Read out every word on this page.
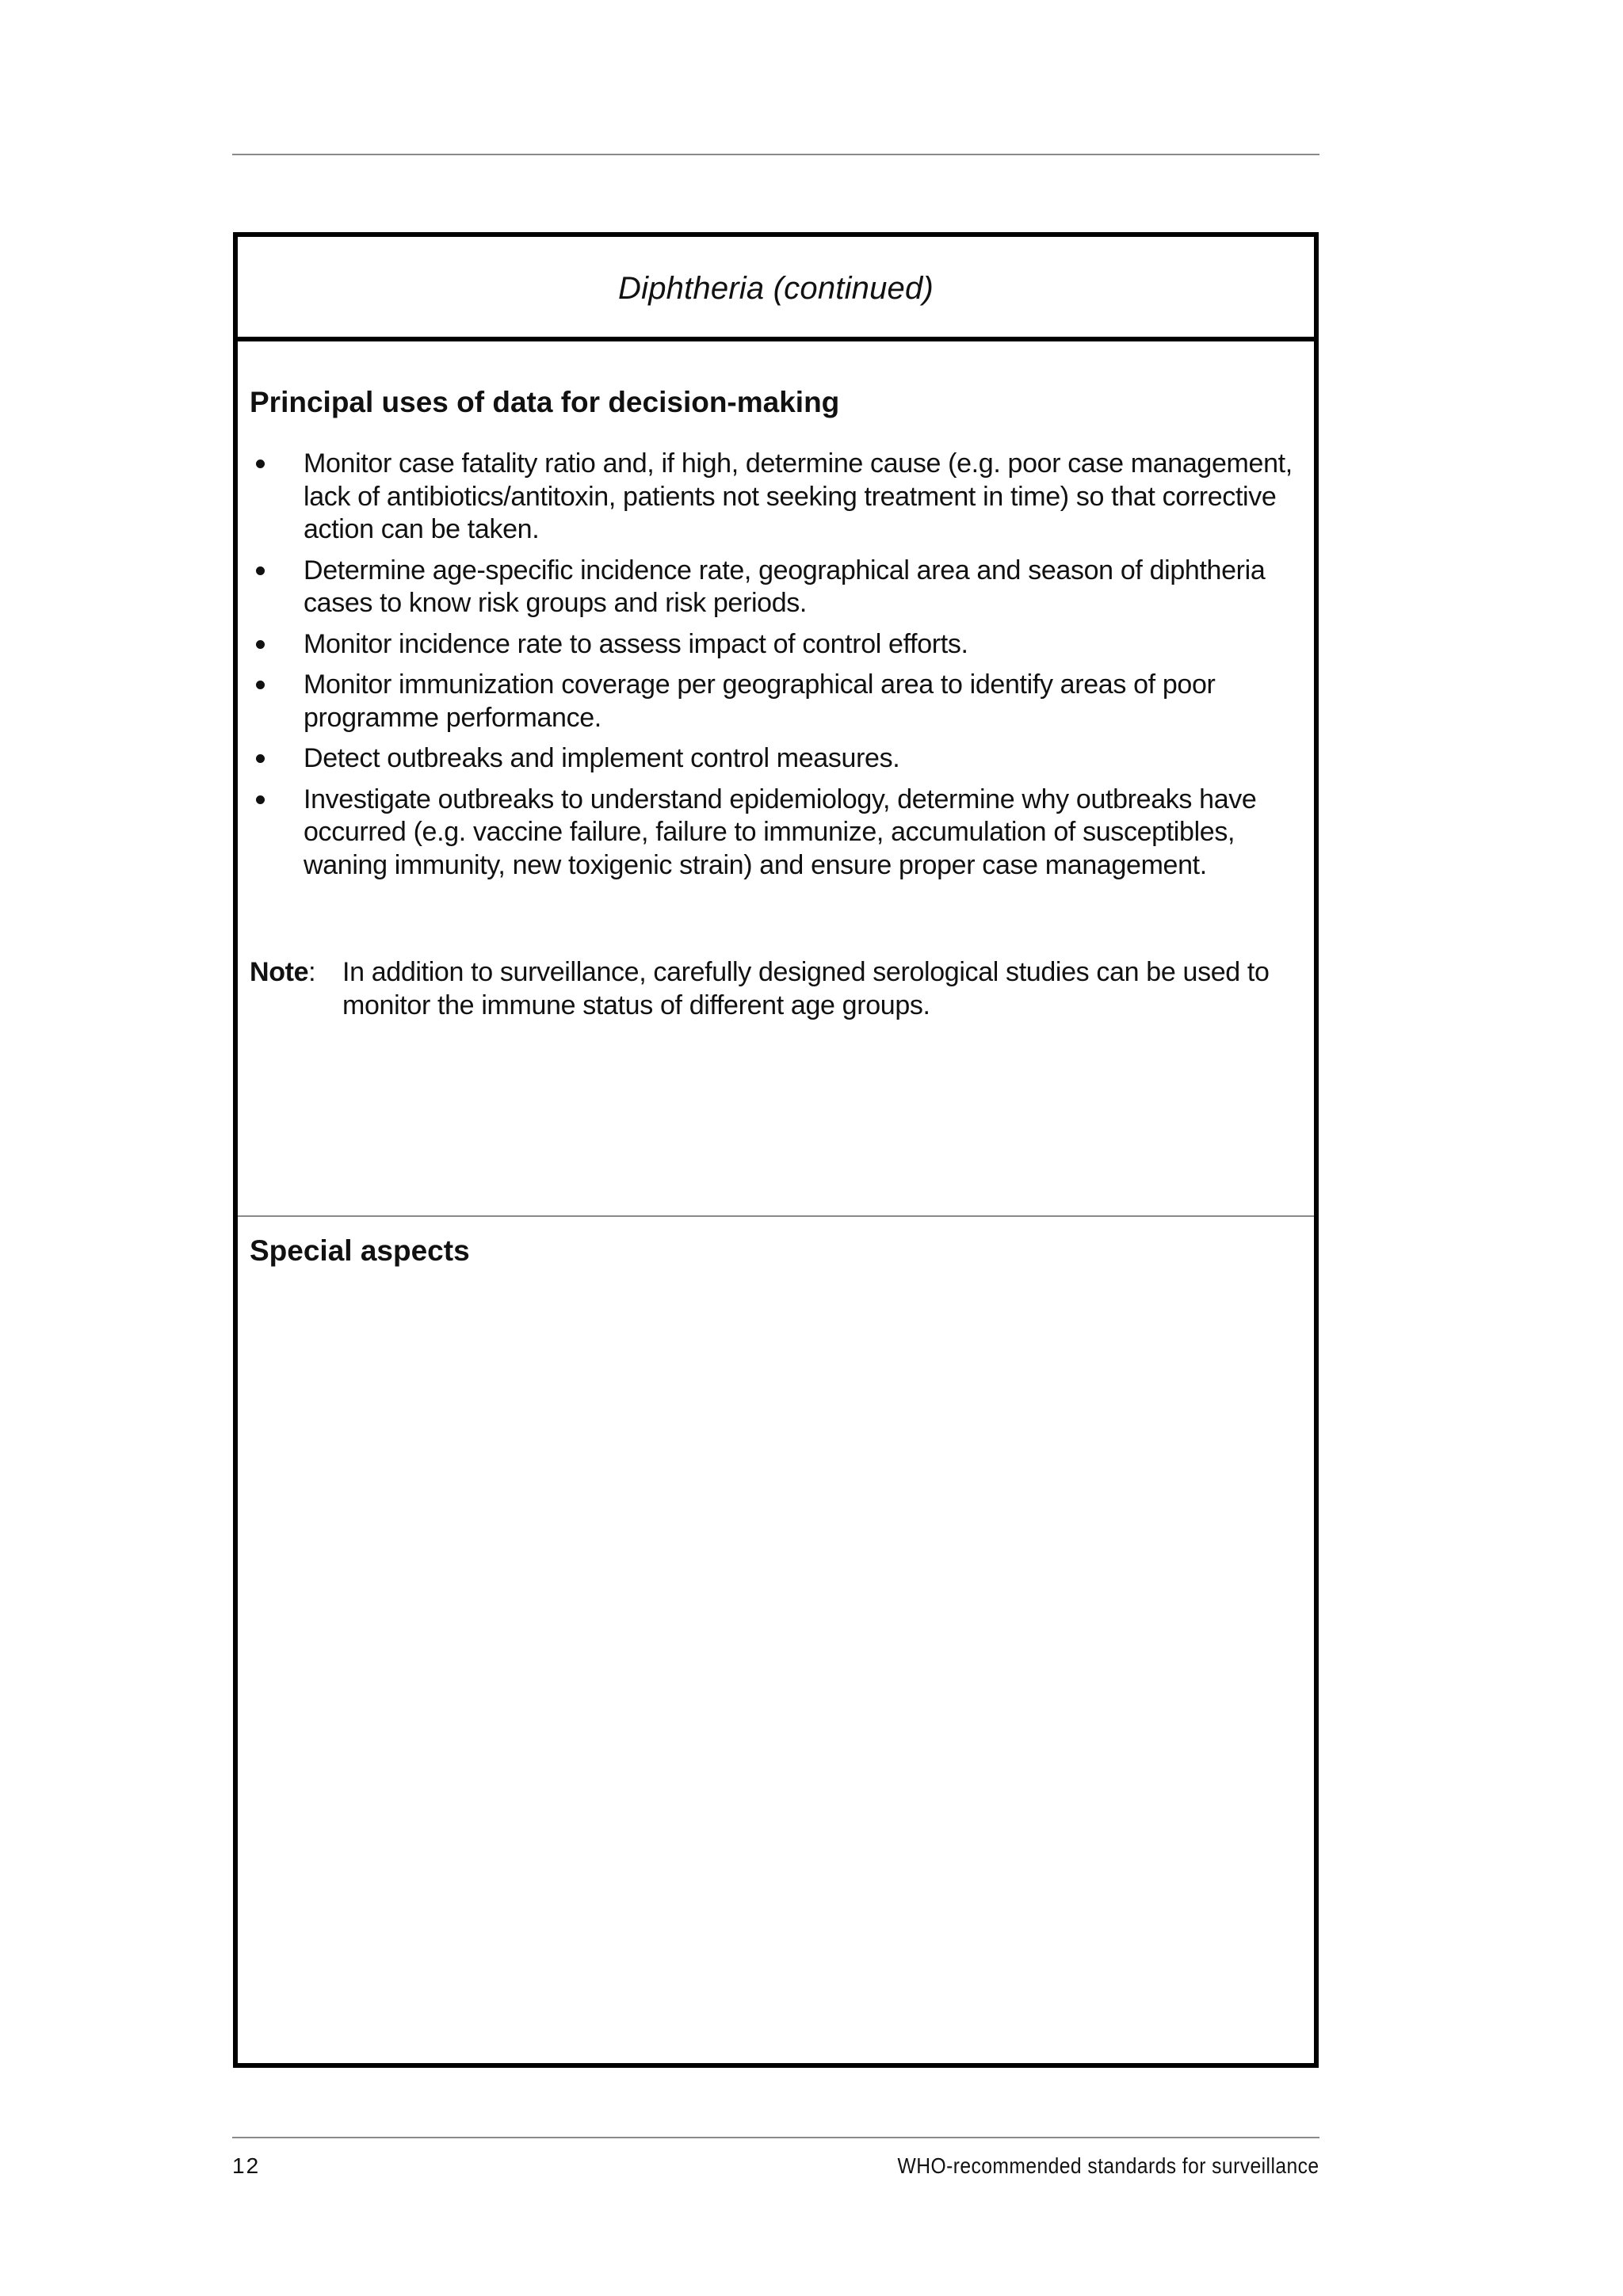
Diphtheria (continued)
Principal uses of data for decision-making
Monitor case fatality ratio and, if high, determine cause (e.g. poor case management, lack of antibiotics/antitoxin, patients not seeking treatment in time) so that corrective action can be taken.
Determine age-specific incidence rate, geographical area and season of diphtheria cases to know risk groups and risk periods.
Monitor incidence rate to assess impact of control efforts.
Monitor immunization coverage per geographical area to identify areas of poor programme performance.
Detect outbreaks and implement control measures.
Investigate outbreaks to understand epidemiology, determine why outbreaks have occurred (e.g. vaccine failure, failure to immunize, accumulation of susceptibles, waning immunity, new toxigenic strain) and ensure proper case management.
Note: In addition to surveillance, carefully designed serological studies can be used to monitor the immune status of different age groups.
Special aspects
12	WHO-recommended standards for surveillance
